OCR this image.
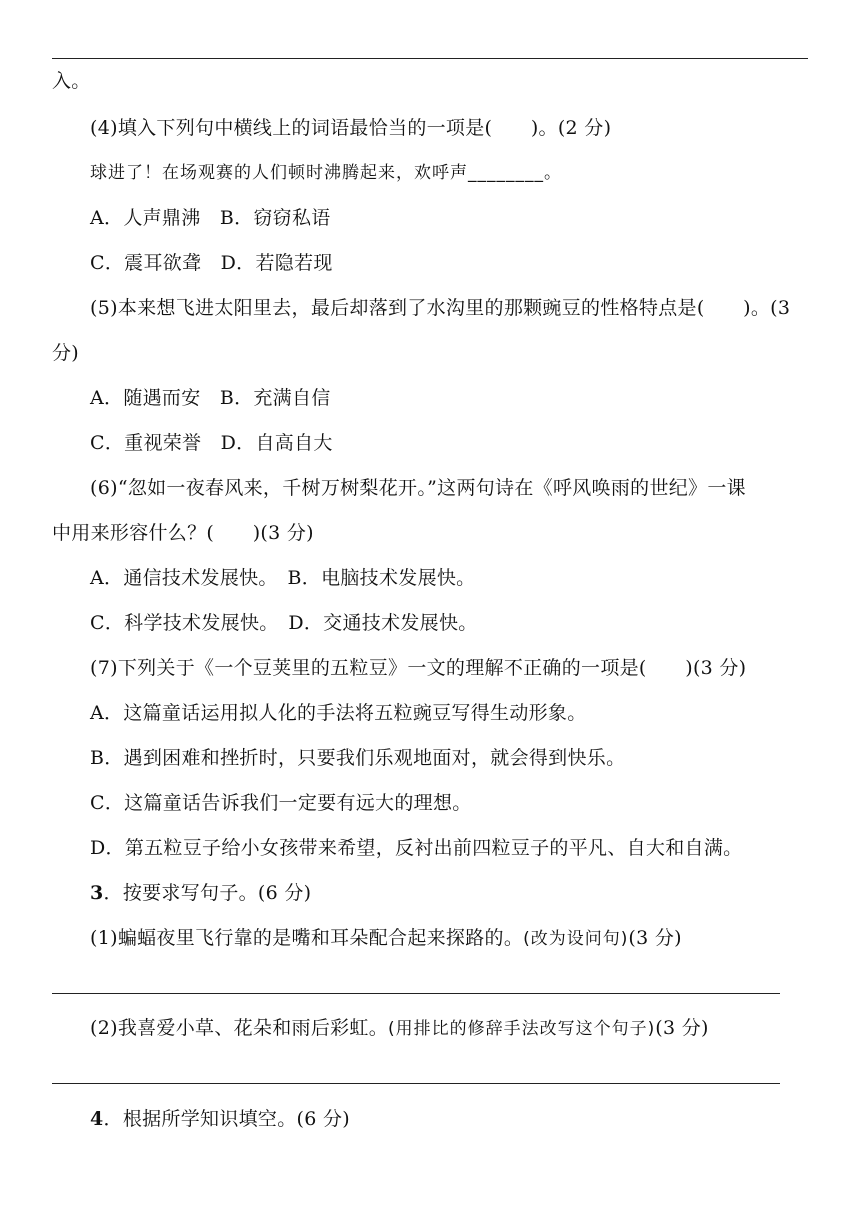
入。
(4)填入下列句中横线上的词语最恰当的一项是(　　)。(2 分)
球进了！在场观赛的人们顿时沸腾起来，欢呼声________。
A．人声鼎沸　B．窃窃私语
C．震耳欲聋　D．若隐若现
(5)本来想飞进太阳里去，最后却落到了水沟里的那颗豌豆的性格特点是(　　)。(3
分)
A．随遇而安　B．充满自信
C．重视荣誉　D．自高自大
(6)“忽如一夜春风来，千树万树梨花开。”这两句诗在《呼风唤雨的世纪》一课
中用来形容什么？(　　)(3 分)
A．通信技术发展快。　B．电脑技术发展快。
C．科学技术发展快。　D．交通技术发展快。
(7)下列关于《一个豆荚里的五粒豆》一文的理解不正确的一项是(　　)(3 分)
A．这篇童话运用拟人化的手法将五粒豌豆写得生动形象。
B．遇到困难和挫折时，只要我们乐观地面对，就会得到快乐。
C．这篇童话告诉我们一定要有远大的理想。
D．第五粒豆子给小女孩带来希望，反衬出前四粒豆子的平凡、自大和自满。
3．按要求写句子。(6 分)
(1)蝙蝠夜里飞行靠的是嘴和耳朵配合起来探路的。(改为设问句)(3 分)
(2)我喜爱小草、花朵和雨后彩虹。(用排比的修辞手法改写这个句子)(3 分)
4．根据所学知识填空。(6 分)
